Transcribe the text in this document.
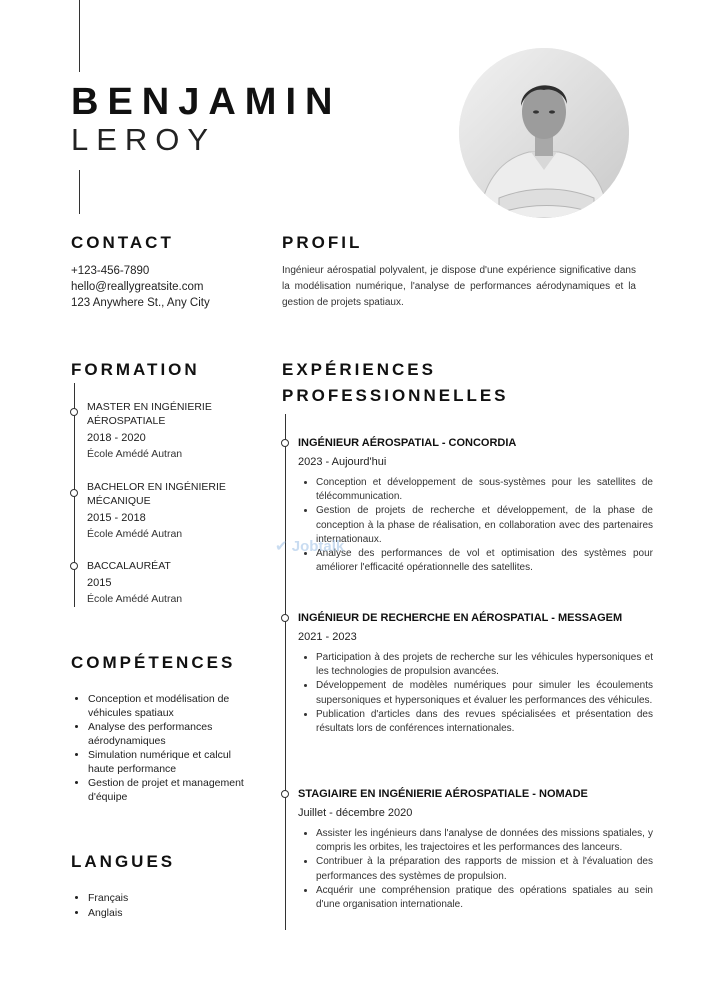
BENJAMIN
LEROY
CONTACT
+123-456-7890
hello@reallygreatsite.com
123 Anywhere St., Any City
PROFIL
Ingénieur aérospatial polyvalent, je dispose d'une expérience significative dans la modélisation numérique, l'analyse de performances aérodynamiques et la gestion de projets spatiaux.
FORMATION
MASTER EN INGÉNIERIE AÉROSPATIALE
2018 - 2020
École Amédé Autran
BACHELOR EN INGÉNIERIE MÉCANIQUE
2015 - 2018
École Amédé Autran
BACCALAURÉAT
2015
École Amédé Autran
COMPÉTENCES
• Conception et modélisation de véhicules spatiaux
• Analyse des performances aérodynamiques
• Simulation numérique et calcul haute performance
• Gestion de projet et management d'équipe
LANGUES
• Français
• Anglais
EXPÉRIENCES PROFESSIONNELLES
INGÉNIEUR AÉROSPATIAL - CONCORDIA
2023 - Aujourd'hui
• Conception et développement de sous-systèmes pour les satellites de télécommunication.
• Gestion de projets de recherche et développement, de la phase de conception à la phase de réalisation, en collaboration avec des partenaires internationaux.
• Analyse des performances de vol et optimisation des systèmes pour améliorer l'efficacité opérationnelle des satellites.
INGÉNIEUR DE RECHERCHE EN AÉROSPATIAL - MESSAGEM
2021 - 2023
• Participation à des projets de recherche sur les véhicules hypersoniques et les technologies de propulsion avancées.
• Développement de modèles numériques pour simuler les écoulements supersoniques et hypersoniques et évaluer les performances des véhicules.
• Publication d'articles dans des revues spécialisées et présentation des résultats lors de conférences internationales.
STAGIAIRE EN INGÉNIERIE AÉROSPATIALE - NOMADE
Juillet - décembre 2020
• Assister les ingénieurs dans l'analyse de données des missions spatiales, y compris les orbites, les trajectoires et les performances des lanceurs.
• Contribuer à la préparation des rapports de mission et à l'évaluation des performances des systèmes de propulsion.
• Acquérir une compréhension pratique des opérations spatiales au sein d'une organisation internationale.
✔ Jobtalk
